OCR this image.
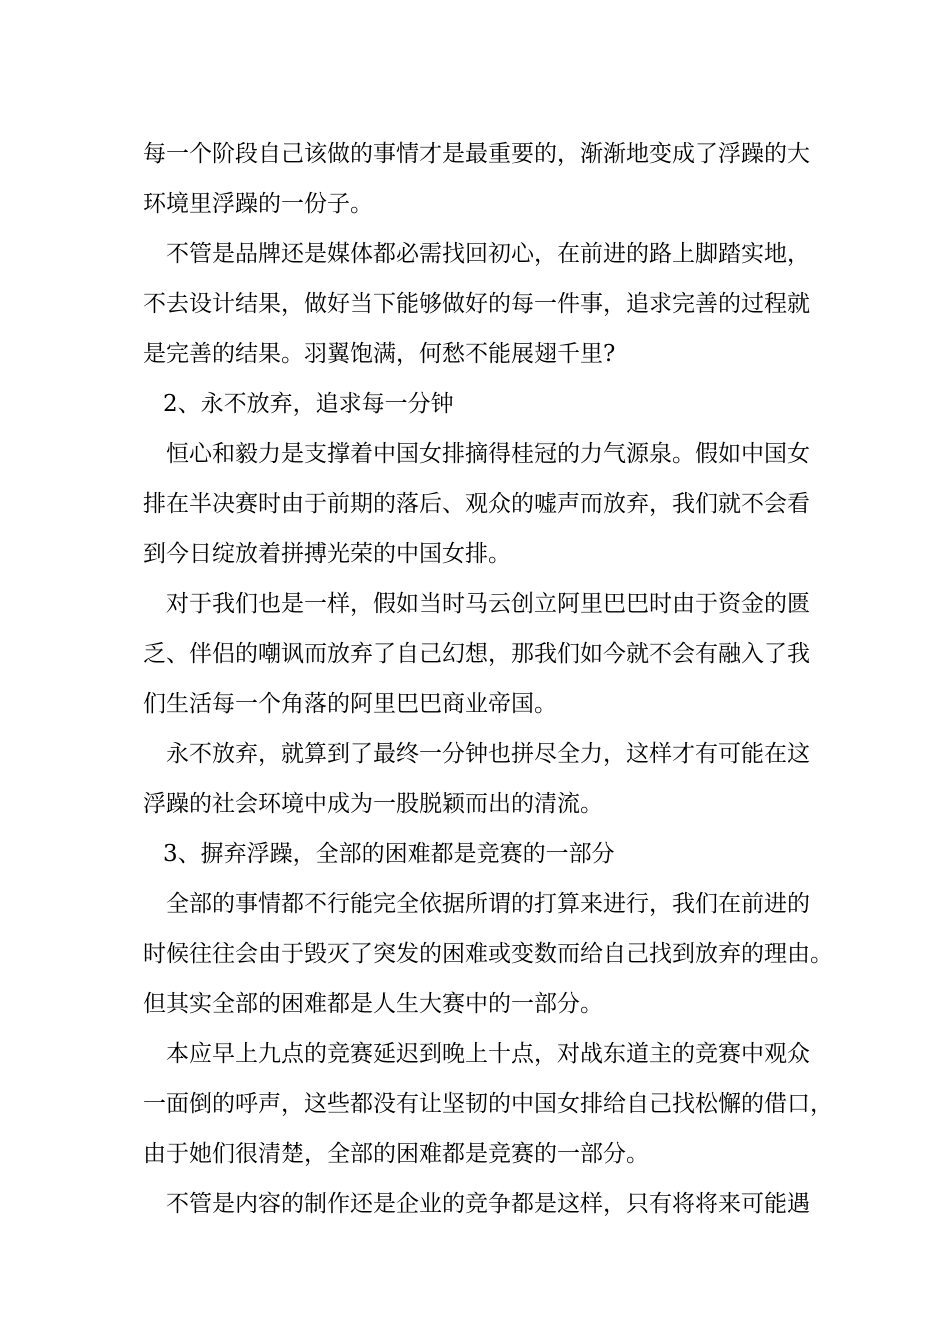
每一个阶段自己该做的事情才是最重要的，渐渐地变成了浮躁的大
环境里浮躁的一份子。
不管是品牌还是媒体都必需找回初心，在前进的路上脚踏实地，
不去设计结果，做好当下能够做好的每一件事，追求完善的过程就
是完善的结果。羽翼饱满，何愁不能展翅千里?
2、永不放弃，追求每一分钟
恒心和毅力是支撑着中国女排摘得桂冠的力气源泉。假如中国女
排在半决赛时由于前期的落后、观众的嘘声而放弃，我们就不会看
到今日绽放着拼搏光荣的中国女排。
对于我们也是一样，假如当时马云创立阿里巴巴时由于资金的匮
乏、伴侣的嘲讽而放弃了自己幻想，那我们如今就不会有融入了我
们生活每一个角落的阿里巴巴商业帝国。
永不放弃，就算到了最终一分钟也拼尽全力，这样才有可能在这
浮躁的社会环境中成为一股脱颖而出的清流。
3、摒弃浮躁，全部的困难都是竞赛的一部分
全部的事情都不行能完全依据所谓的打算来进行，我们在前进的
时候往往会由于毁灭了突发的困难或变数而给自己找到放弃的理由。
但其实全部的困难都是人生大赛中的一部分。
本应早上九点的竞赛延迟到晚上十点，对战东道主的竞赛中观众
一面倒的呼声，这些都没有让坚韧的中国女排给自己找松懈的借口，
由于她们很清楚，全部的困难都是竞赛的一部分。
不管是内容的制作还是企业的竞争都是这样，只有将将来可能遇
